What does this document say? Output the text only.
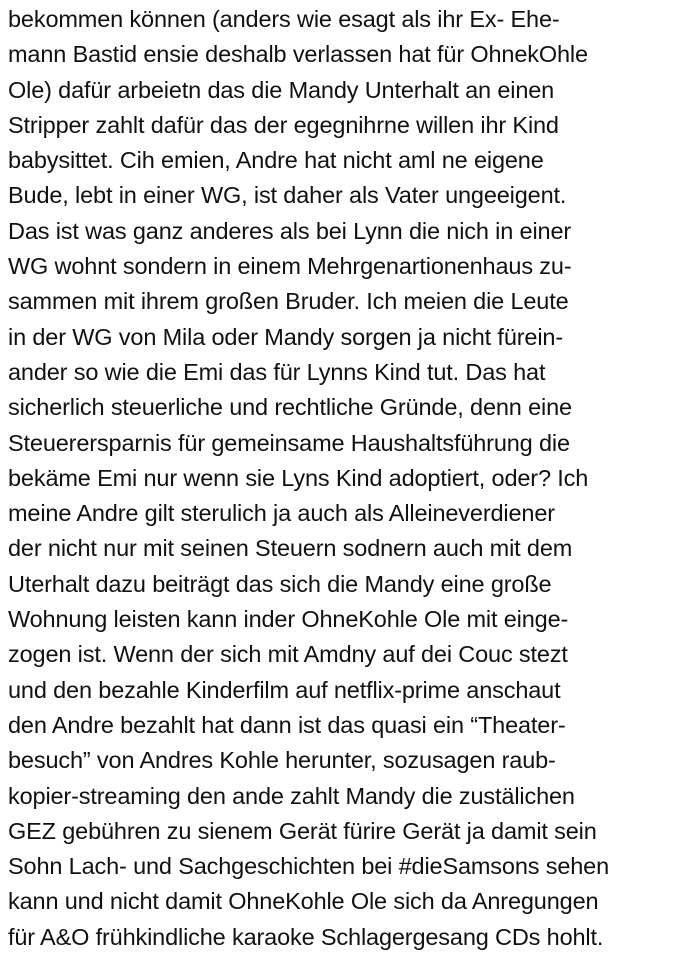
bekommen können (anders wie esagt als ihr Ex- Ehe-
mann Bastid ensie deshalb verlassen hat für OhnekOhle
Ole) dafür arbeietn das die Mandy Unterhalt an einen
Stripper zahlt dafür das der egegnihrne willen ihr Kind
babysittet. Cih emien, Andre hat nicht aml ne eigene
Bude, lebt in einer WG, ist daher als Vater ungeeigent.
Das ist was ganz anderes als bei Lynn die nich in einer
WG wohnt sondern in einem Mehrgenartionenhaus zu-
sammen mit ihrem großen Bruder. Ich meien die Leute
in der WG von Mila oder Mandy sorgen ja nicht fürein-
ander so wie die Emi das für Lynns Kind tut. Das hat
sicherlich steuerliche und rechtliche Gründe, denn eine
Steuerersparnis für gemeinsame Haushaltsführung die
bekäme Emi nur wenn sie Lyns Kind adoptiert, oder? Ich
meine Andre gilt sterulich ja auch als Alleineverdiener
der nicht nur mit seinen Steuern sodnern auch mit dem
Uterhalt dazu beiträgt das sich die Mandy eine große
Wohnung leisten kann inder OhneKohle Ole mit einge-
zogen ist. Wenn der sich mit Amdny auf dei Couc stezt
und den bezahle Kinderfilm auf netflix-prime anschaut
den Andre bezahlt hat dann ist das quasi ein “Theater-
besuch” von Andres Kohle herunter, sozusagen raub-
kopier-streaming den ande zahlt Mandy die zustälichen
GEZ gebühren zu sienem Gerät fürire Gerät ja damit sein
Sohn Lach- und Sachgeschichten bei #dieSamsons sehen
kann und nicht damit OhneKohle Ole sich da Anregungen
für A&O frühkindliche karaoke Schlagergesang CDs hohlt.
